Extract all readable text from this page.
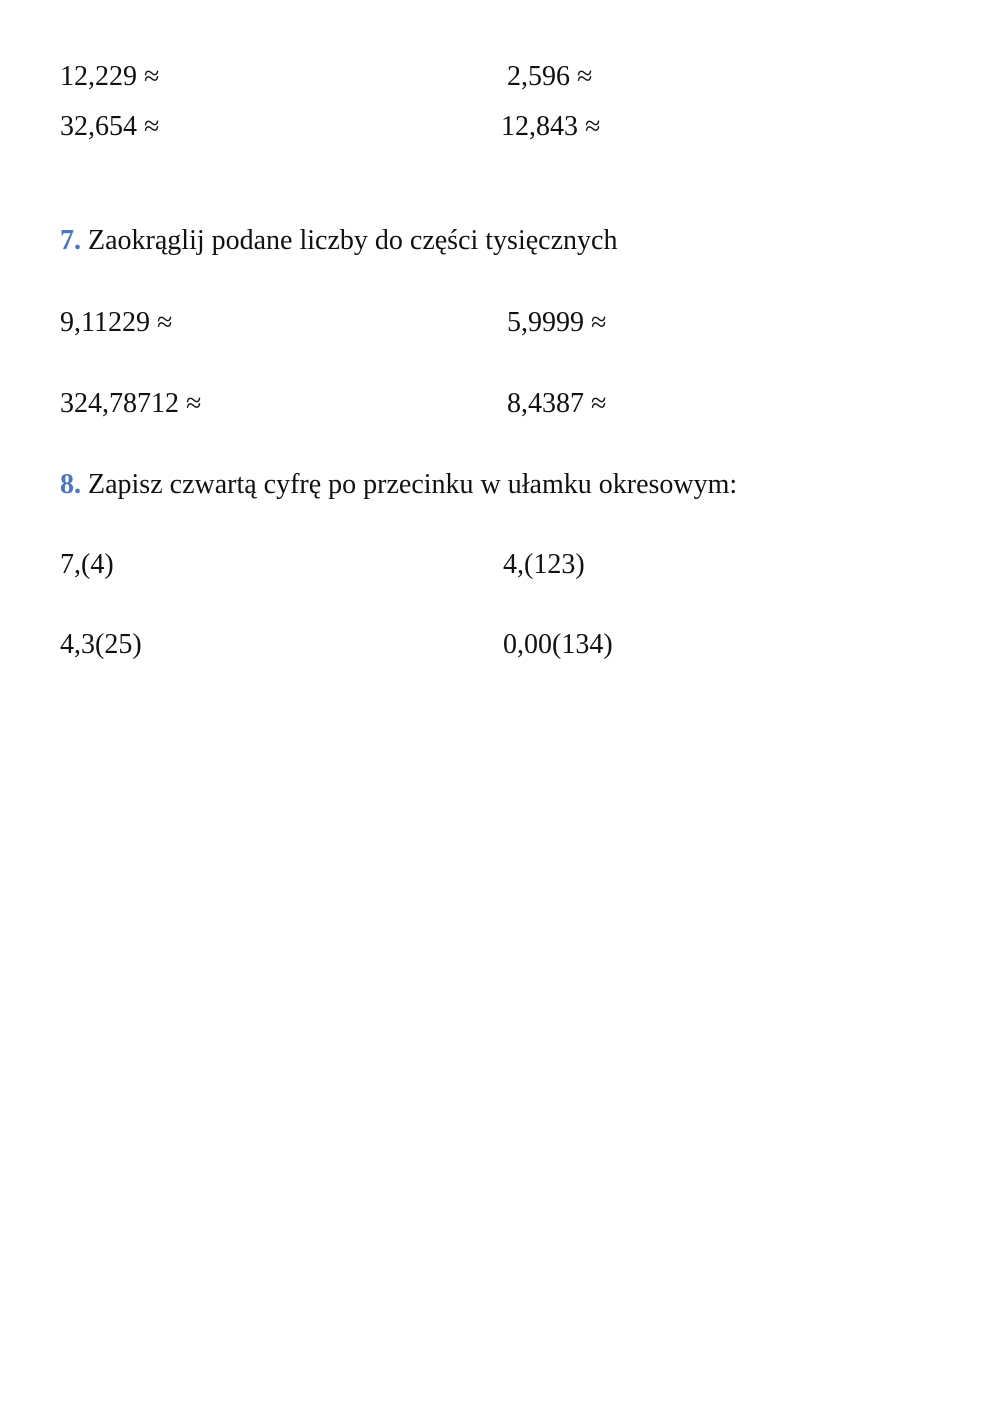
12,229 ≈	2,596 ≈
32,654 ≈	12,843 ≈
7. Zaokrąglij podane liczby do części tysięcznych
9,11229 ≈	5,9999 ≈
324,78712 ≈	8,4387 ≈
8. Zapisz czwartą cyfrę po przecinku w ułamku okresowym:
7,(4)	4,(123)
4,3(25)	0,00(134)
